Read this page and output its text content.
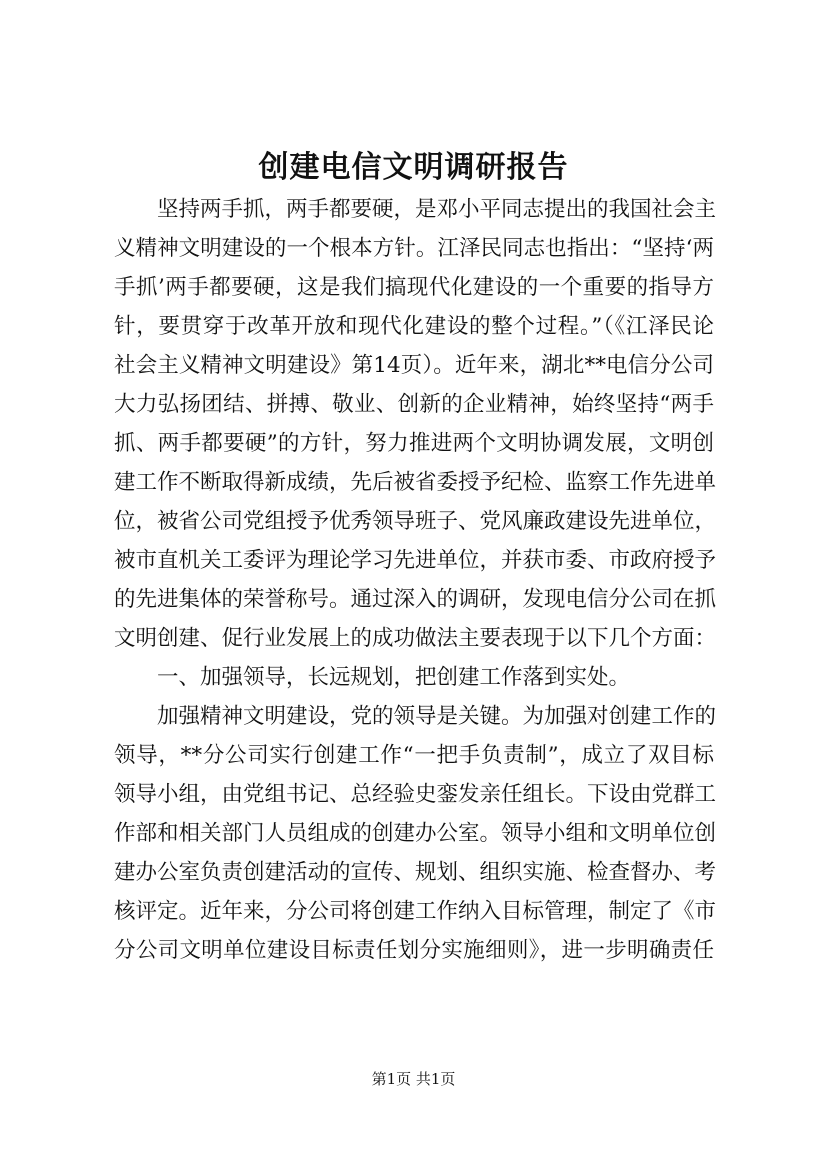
创建电信文明调研报告
坚持两手抓，两手都要硬，是邓小平同志提出的我国社会主
义精神文明建设的一个根本方针。江泽民同志也指出：“坚持‘两
手抓’两手都要硬，这是我们搞现代化建设的一个重要的指导方
针，要贯穿于改革开放和现代化建设的整个过程。”（《江泽民论
社会主义精神文明建设》第14页）。近年来，湖北**电信分公司
大力弘扬团结、拼搏、敬业、创新的企业精神，始终坚持“两手
抓、两手都要硬”的方针，努力推进两个文明协调发展，文明创
建工作不断取得新成绩，先后被省委授予纪检、监察工作先进单
位，被省公司党组授予优秀领导班子、党风廉政建设先进单位，
被市直机关工委评为理论学习先进单位，并获市委、市政府授予
的先进集体的荣誉称号。通过深入的调研，发现电信分公司在抓
文明创建、促行业发展上的成功做法主要表现于以下几个方面：
一、加强领导，长远规划，把创建工作落到实处。
加强精神文明建设，党的领导是关键。为加强对创建工作的
领导，**分公司实行创建工作“一把手负责制”，成立了双目标
领导小组，由党组书记、总经验史銮发亲任组长。下设由党群工
作部和相关部门人员组成的创建办公室。领导小组和文明单位创
建办公室负责创建活动的宣传、规划、组织实施、检查督办、考
核评定。近年来，分公司将创建工作纳入目标管理，制定了《市
分公司文明单位建设目标责任划分实施细则》，进一步明确责任
第1页 共1页
